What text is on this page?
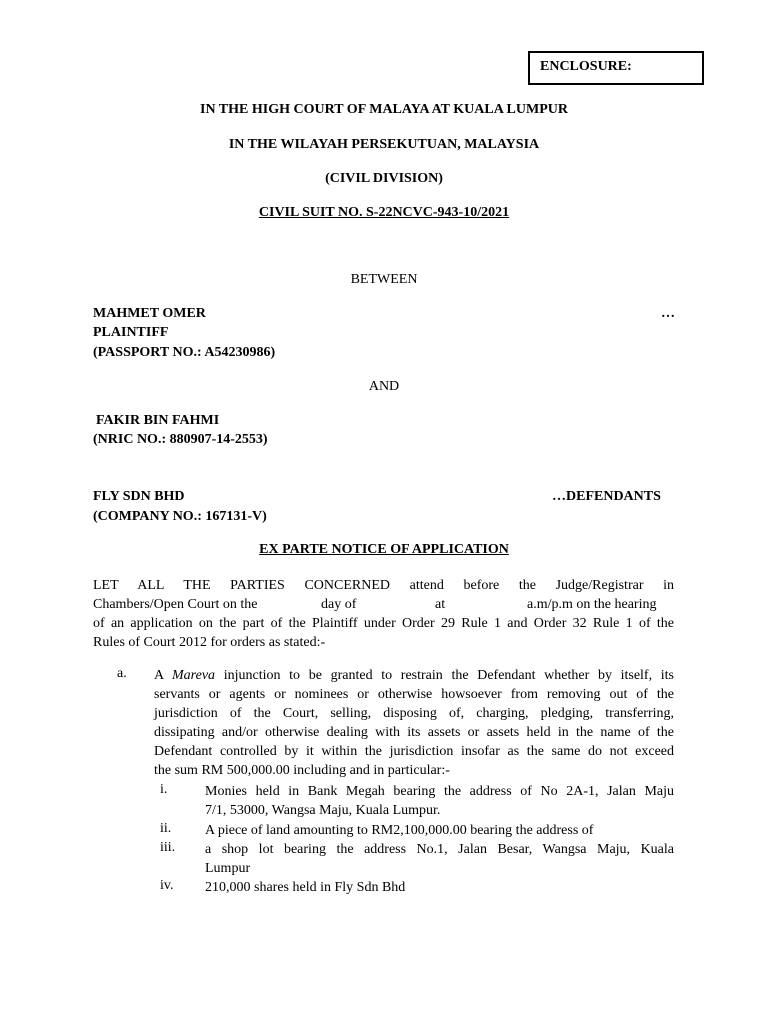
ENCLOSURE:
IN THE HIGH COURT OF MALAYA AT KUALA LUMPUR
IN THE WILAYAH PERSEKUTUAN, MALAYSIA
(CIVIL DIVISION)
CIVIL SUIT NO. S-22NCVC-943-10/2021
BETWEEN
MAHMET OMER	…
PLAINTIFF
(PASSPORT NO.: A54230986)
AND
FAKIR BIN FAHMI
(NRIC NO.: 880907-14-2553)
FLY SDN BHD	…DEFENDANTS
(COMPANY NO.: 167131-V)
EX PARTE NOTICE OF APPLICATION
LET ALL THE PARTIES CONCERNED attend before the Judge/Registrar in
Chambers/Open Court on the	day of	at	a.m/p.m on the hearing
of an application on the part of the Plaintiff under Order 29 Rule 1 and Order 32 Rule 1 of the
Rules of Court 2012 for orders as stated:-
a. A Mareva injunction to be granted to restrain the Defendant whether by itself, its
servants or agents or nominees or otherwise howsoever from removing out of the
jurisdiction of the Court, selling, disposing of, charging, pledging, transferring,
dissipating and/or otherwise dealing with its assets or assets held in the name of the
Defendant controlled by it within the jurisdiction insofar as the same do not exceed
the sum RM 500,000.00 including and in particular:-
i.	Monies held in Bank Megah bearing the address of No 2A-1, Jalan Maju
7/1, 53000, Wangsa Maju, Kuala Lumpur.
ii. A piece of land amounting to RM2,100,000.00 bearing the address of
iii. a shop lot bearing the address No.1, Jalan Besar, Wangsa Maju, Kuala
Lumpur
iv. 210,000 shares held in Fly Sdn Bhd
